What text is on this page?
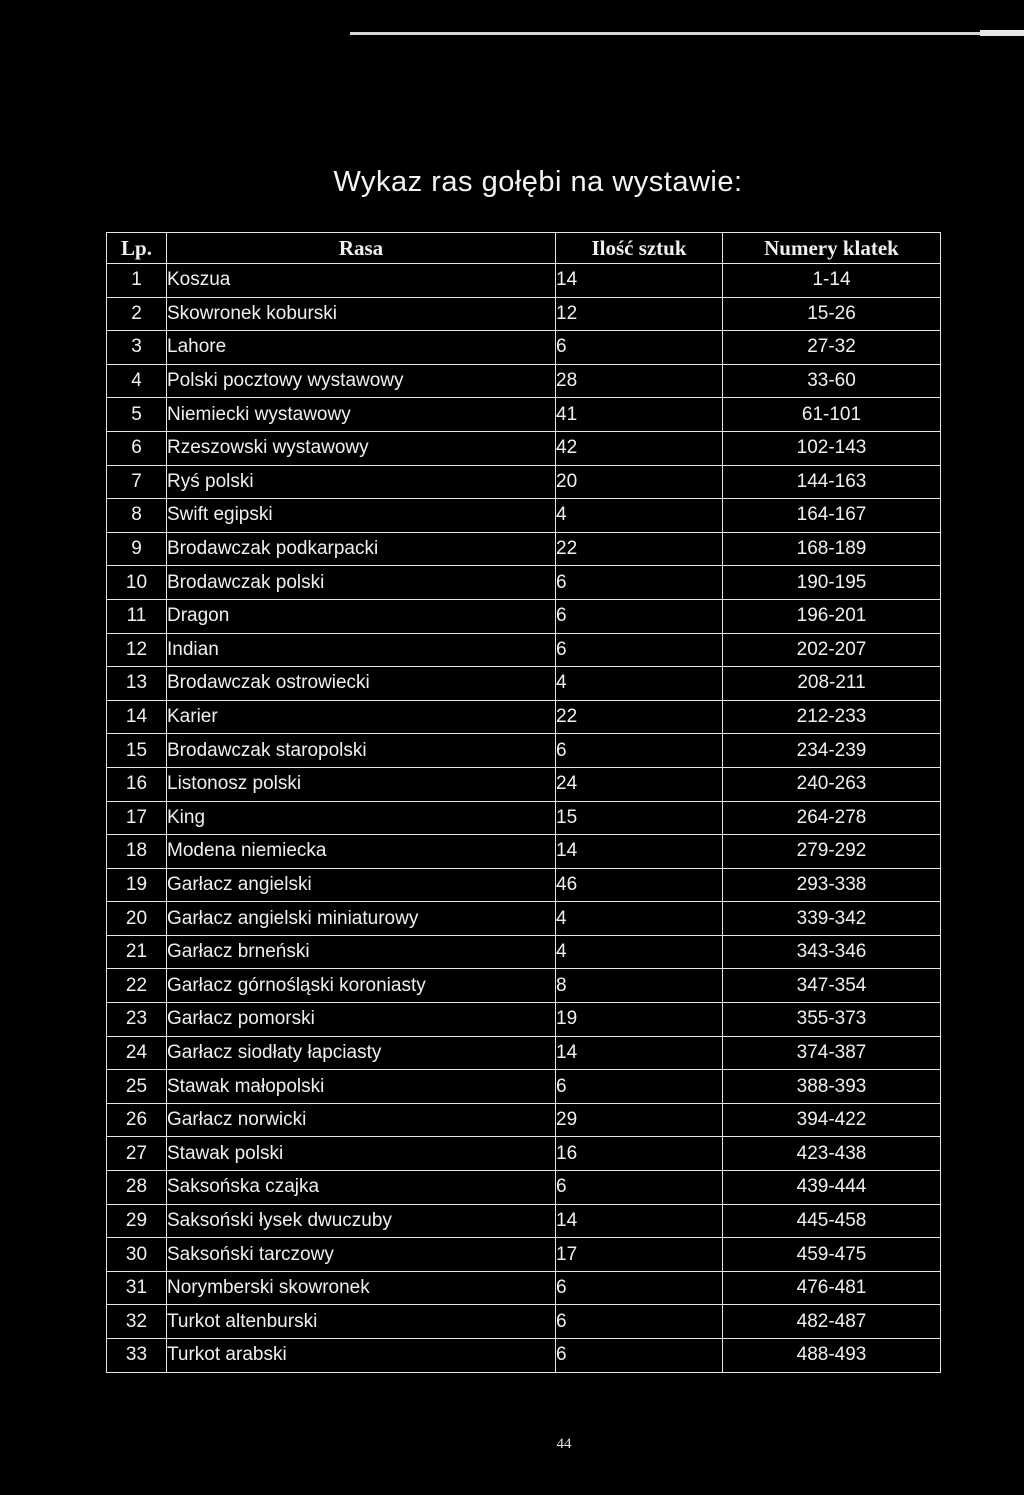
Wykaz ras gołębi na wystawie:
Lp.	Rasa	Ilość sztuk	Numery klatek
1	Koszua	14	1-14
2	Skowronek koburski	12	15-26
3	Lahore	6	27-32
4	Polski pocztowy wystawowy	28	33-60
5	Niemiecki wystawowy	41	61-101
6	Rzeszowski wystawowy	42	102-143
7	Ryś polski	20	144-163
8	Swift egipski	4	164-167
9	Brodawczak podkarpacki	22	168-189
10	Brodawczak polski	6	190-195
11	Dragon	6	196-201
12	Indian	6	202-207
13	Brodawczak ostrowiecki	4	208-211
14	Karier	22	212-233
15	Brodawczak staropolski	6	234-239
16	Listonosz polski	24	240-263
17	King	15	264-278
18	Modena niemiecka	14	279-292
19	Garłacz angielski	46	293-338
20	Garłacz angielski miniaturowy	4	339-342
21	Garłacz brneński	4	343-346
22	Garłacz górnośląski koroniasty	8	347-354
23	Garłacz pomorski	19	355-373
24	Garłacz siodłaty łapciasty	14	374-387
25	Stawak małopolski	6	388-393
26	Garłacz norwicki	29	394-422
27	Stawak polski	16	423-438
28	Saksońska czajka	6	439-444
29	Saksoński łysek dwuczuby	14	445-458
30	Saksoński tarczowy	17	459-475
31	Norymberski skowronek	6	476-481
32	Turkot altenburski	6	482-487
33	Turkot arabski	6	488-493
44
